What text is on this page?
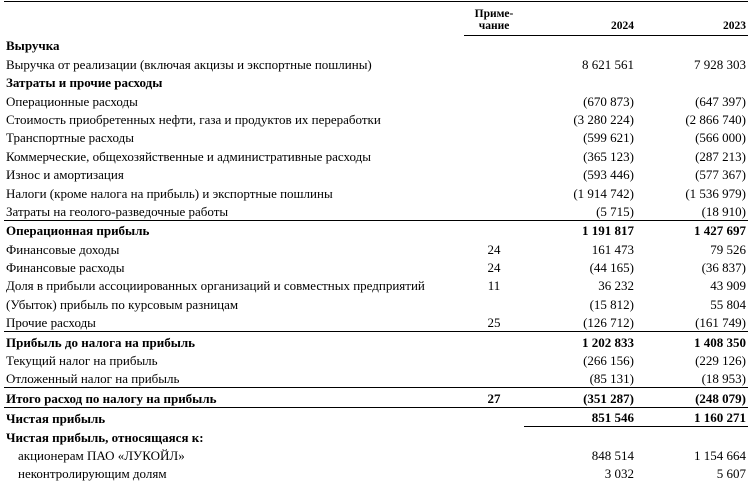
	Приме-
чание	2024	2023
Выручка			
Выручка от реализации (включая акцизы и экспортные пошлины)		8 621 561	7 928 303
Затраты и прочие расходы			
Операционные расходы		(670 873)	(647 397)
Стоимость приобретенных нефти, газа и продуктов их переработки		(3 280 224)	(2 866 740)
Транспортные расходы		(599 621)	(566 000)
Коммерческие, общехозяйственные и административные расходы		(365 123)	(287 213)
Износ и амортизация		(593 446)	(577 367)
Налоги (кроме налога на прибыль) и экспортные пошлины		(1 914 742)	(1 536 979)
Затраты на геолого-разведочные работы		(5 715)	(18 910)
Операционная прибыль		1 191 817	1 427 697
Финансовые доходы	24	161 473	79 526
Финансовые расходы	24	(44 165)	(36 837)
Доля в прибыли ассоциированных организаций и совместных предприятий	11	36 232	43 909
(Убыток) прибыль по курсовым разницам		(15 812)	55 804
Прочие расходы	25	(126 712)	(161 749)
Прибыль до налога на прибыль		1 202 833	1 408 350
Текущий налог на прибыль		(266 156)	(229 126)
Отложенный налог на прибыль		(85 131)	(18 953)
Итого расход по налогу на прибыль	27	(351 287)	(248 079)
Чистая прибыль		851 546	1 160 271
Чистая прибыль, относящаяся к:			
акционерам ПАО «ЛУКОЙЛ»		848 514	1 154 664
неконтролирующим долям		3 032	5 607
